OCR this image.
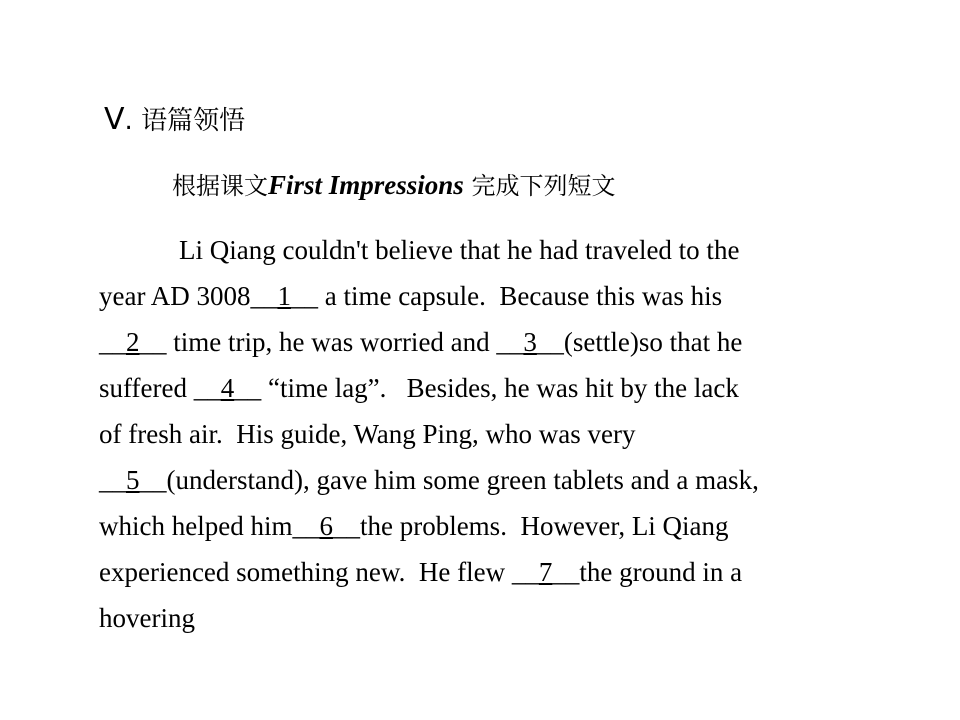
Ⅴ. 语篇领悟
根据课文First Impressions 完成下列短文
Li Qiang couldn't believe that he had traveled to the
year AD 3008__1__ a time capsule.  Because this was his
__2__ time trip, he was worried and __3__(settle)so that he
suffered __4__ “time lag”.   Besides, he was hit by the lack
of fresh air.  His guide, Wang Ping, who was very
__5__(understand), gave him some green tablets and a mask,
which helped him__6__the problems.  However, Li Qiang
experienced something new.  He flew __7__the ground in a
hovering
